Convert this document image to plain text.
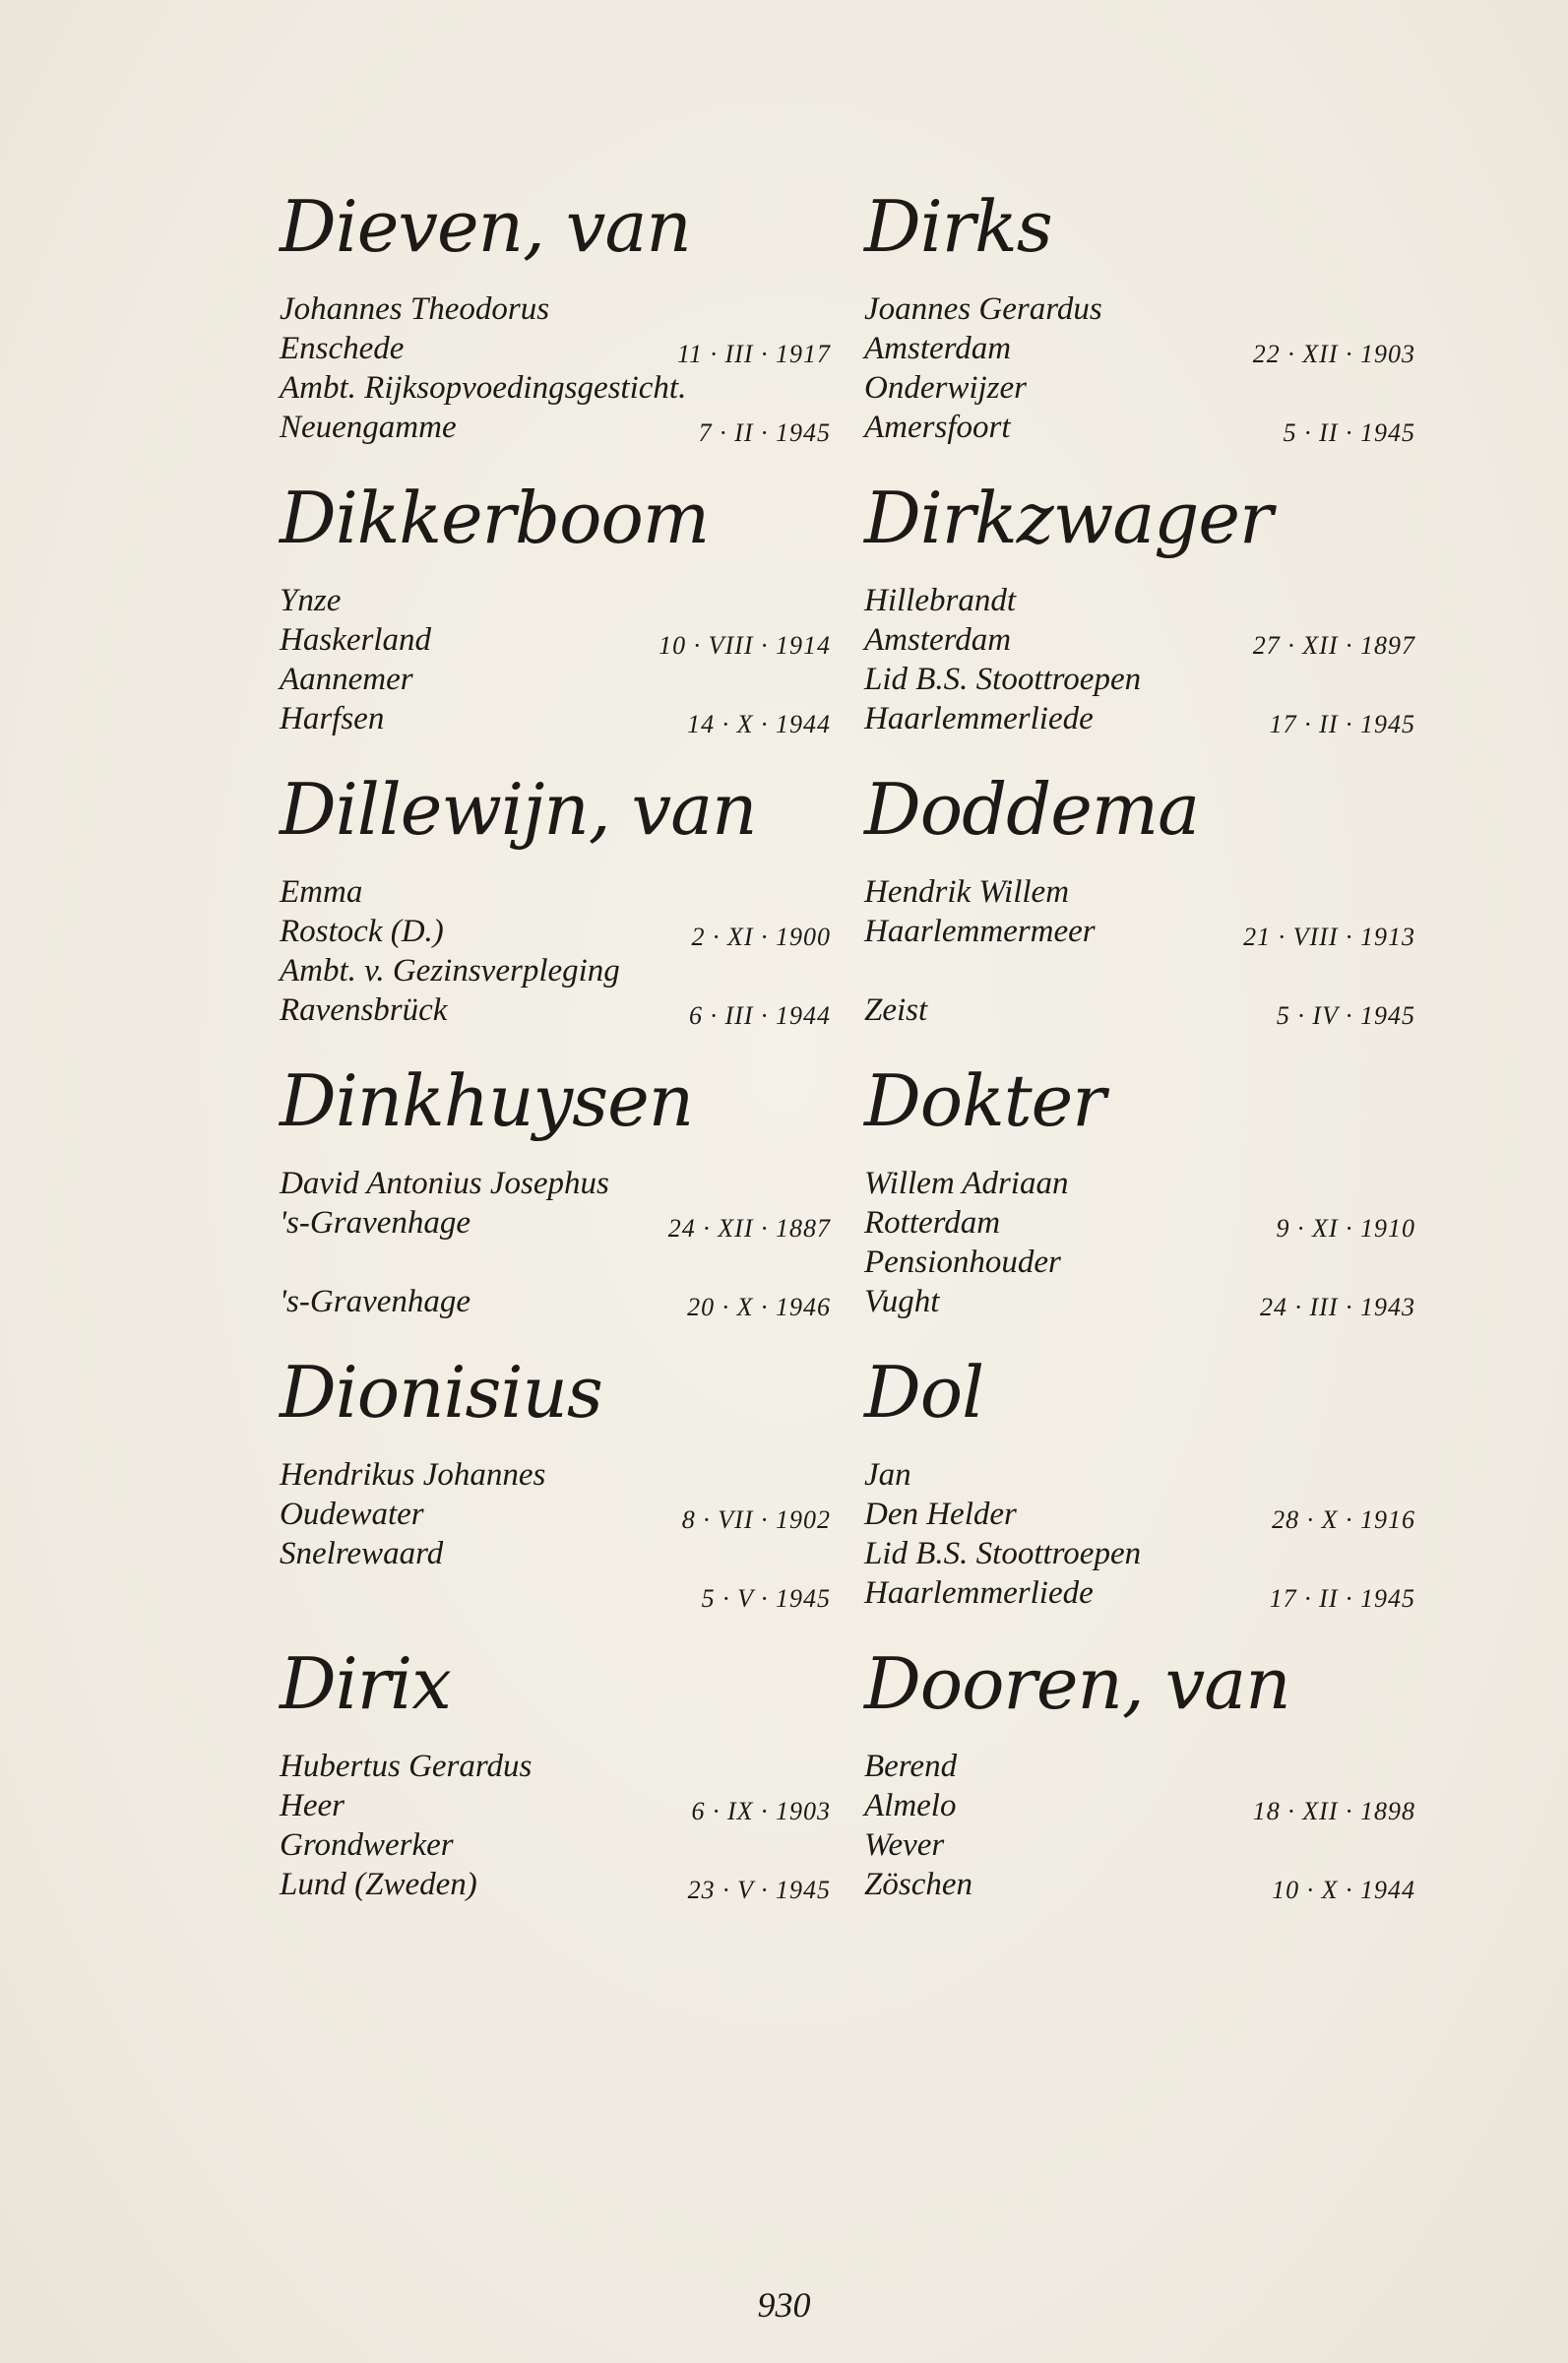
Dieven, van
Johannes Theodorus
Enschede	11 · III · 1917
Ambt. Rijksopvoedingsgesticht.
Neuengamme	7 · II · 1945
Dikkerboom
Ynze
Haskerland	10 · VIII · 1914
Aannemer
Harfsen	14 · X · 1944
Dillewijn, van
Emma
Rostock (D.)	2 · XI · 1900
Ambt. v. Gezinsverpleging
Ravensbrück	6 · III · 1944
Dinkhuysen
David Antonius Josephus
's-Gravenhage	24 · XII · 1887
's-Gravenhage	20 · X · 1946
Dionisius
Hendrikus Johannes
Oudewater	8 · VII · 1902
Snelrewaard
5 · V · 1945
Dirix
Hubertus Gerardus
Heer	6 · IX · 1903
Grondwerker
Lund (Zweden)	23 · V · 1945
Dirks
Joannes Gerardus
Amsterdam	22 · XII · 1903
Onderwijzer
Amersfoort	5 · II · 1945
Dirkzwager
Hillebrandt
Amsterdam	27 · XII · 1897
Lid B.S. Stoottroepen
Haarlemmerliede	17 · II · 1945
Doddema
Hendrik Willem
Haarlemmermeer	21 · VIII · 1913
Zeist	5 · IV · 1945
Dokter
Willem Adriaan
Rotterdam	9 · XI · 1910
Pensionhouder
Vught	24 · III · 1943
Dol
Jan
Den Helder	28 · X · 1916
Lid B.S. Stoottroepen
Haarlemmerliede	17 · II · 1945
Dooren, van
Berend
Almelo	18 · XII · 1898
Wever
Zöschen	10 · X · 1944
930
